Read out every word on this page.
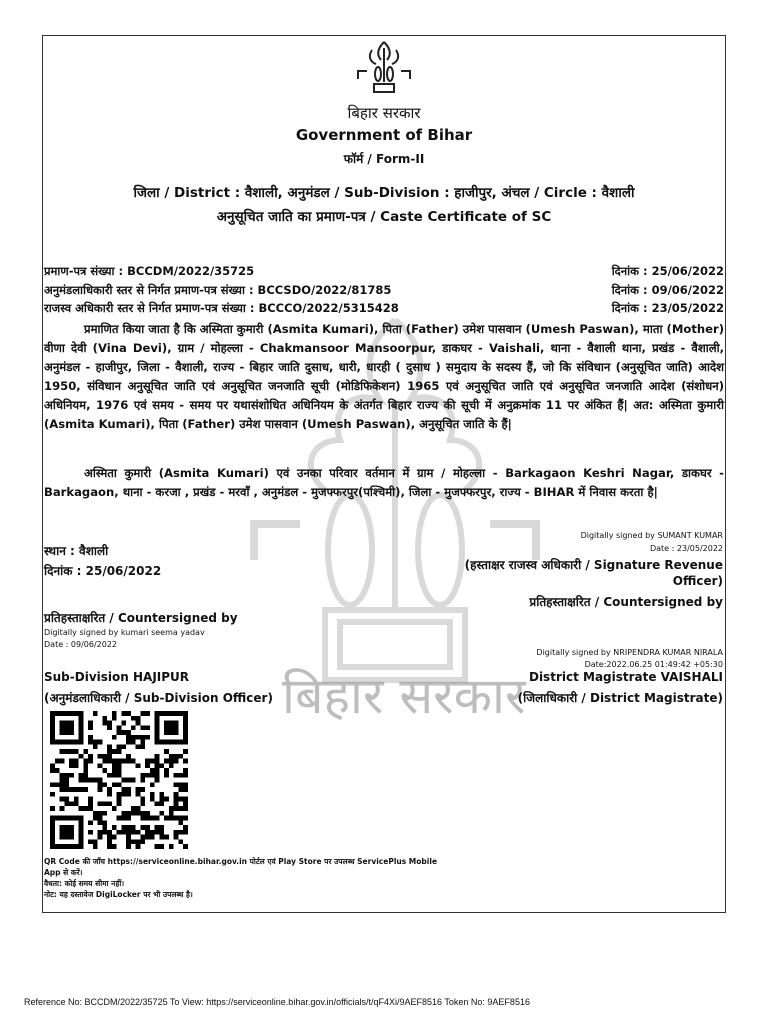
बिहार सरकार
बिहार सरकार
Government of Bihar
फॉर्म / Form-II
जिला / District : वैशाली, अनुमंडल / Sub-Division : हाजीपुर, अंचल / Circle : वैशाली
अनुसूचित जाति का प्रमाण-पत्र / Caste Certificate of SC
प्रमाण-पत्र संख्या : BCCDM/2022/35725	दिनांक : 25/06/2022
अनुमंडलाधिकारी स्तर से निर्गत प्रमाण-पत्र संख्या : BCCSDO/2022/81785	दिनांक : 09/06/2022
राजस्व अधिकारी स्तर से निर्गत प्रमाण-पत्र संख्या : BCCCO/2022/5315428	दिनांक : 23/05/2022
प्रमाणित किया जाता है कि अस्मिता कुमारी (Asmita Kumari), पिता (Father) उमेश पासवान (Umesh Paswan), माता (Mother) वीणा देवी (Vina Devi), ग्राम / मोहल्ला - Chakmansoor Mansoorpur, डाकघर - Vaishali, थाना - वैशाली थाना, प्रखंड - वैशाली, अनुमंडल - हाजीपुर, जिला - वैशाली, राज्य - बिहार जाति दुसाध, धारी, धारही ( दुसाध ) समुदाय के सदस्य हैं, जो कि संविधान (अनुसूचित जाति) आदेश 1950, संविधान अनुसूचित जाति एवं अनुसूचित जनजाति सूची (मोडिफिकेशन) 1965 एवं अनुसूचित जाति एवं अनुसूचित जनजाति आदेश (संशोधन) अधिनियम, 1976 एवं समय - समय पर यथासंशोधित अधिनियम के अंतर्गत बिहार राज्य की सूची में अनुक्रमांक 11 पर अंकित हैं| अत: अस्मिता कुमारी (Asmita Kumari), पिता (Father) उमेश पासवान (Umesh Paswan), अनुसूचित जाति के हैं|
अस्मिता कुमारी (Asmita Kumari) एवं उनका परिवार वर्तमान में ग्राम / मोहल्ला - Barkagaon Keshri Nagar, डाकघर - Barkagaon, थाना - करजा , प्रखंड - मरवाँ , अनुमंडल - मुजफ्फरपुर(पश्चिमी), जिला - मुजफ्फरपुर, राज्य - BIHAR में निवास करता है|
Digitally signed by SUMANT KUMAR
Date : 23/05/2022
स्थान : वैशाली
दिनांक : 25/06/2022	(हस्ताक्षर राजस्व अधिकारी / Signature Revenue
Officer)
प्रतिहस्ताक्षरित / Countersigned by
प्रतिहस्ताक्षरित / Countersigned by
Digitally signed by kumari seema yadav
Date : 09/06/2022
Digitally signed by NRIPENDRA KUMAR NIRALA
Date:2022.06.25 01:49:42 +05:30
Sub-Division HAJIPUR
(अनुमंडलाधिकारी / Sub-Division Officer)
District Magistrate VAISHALI
(जिलाधिकारी / District Magistrate)
QR Code की जाँच https://serviceonline.bihar.gov.in पोर्टल एवं Play Store पर उपलब्ध ServicePlus Mobile
App से करें।
वैधता: कोई समय सीमा नहीं।
नोट: यह दस्तावेज DigiLocker पर भी उपलब्ध है।
Reference No: BCCDM/2022/35725 To View: https://serviceonline.bihar.gov.in/officials/t/qF4Xi/9AEF8516 Token No: 9AEF8516
